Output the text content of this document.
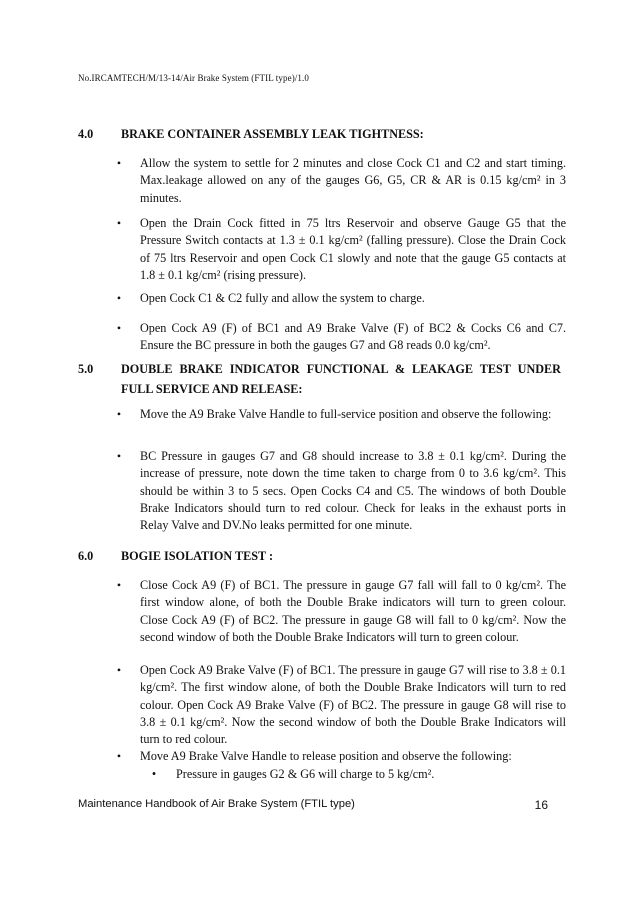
No.IRCAMTECH/M/13-14/Air Brake System (FTIL type)/1.0
4.0 BRAKE CONTAINER ASSEMBLY LEAK TIGHTNESS:
•	Allow the system to settle for 2 minutes and close Cock C1 and C2 and start timing. Max.leakage allowed on any of the gauges G6, G5, CR & AR is 0.15 kg/cm² in 3 minutes.
•	Open the Drain Cock fitted in 75 ltrs Reservoir and observe Gauge G5 that the Pressure Switch contacts at 1.3 ± 0.1 kg/cm² (falling pressure). Close the Drain Cock of 75 ltrs Reservoir and open Cock C1 slowly and note that the gauge G5 contacts at 1.8 ± 0.1 kg/cm² (rising pressure).
•	Open Cock C1 & C2 fully and allow the system to charge.
•	Open Cock A9 (F) of BC1 and A9 Brake Valve (F) of BC2 & Cocks C6 and C7. Ensure the BC pressure in both the gauges G7 and G8 reads 0.0 kg/cm².
5.0 DOUBLE BRAKE INDICATOR FUNCTIONAL & LEAKAGE TEST UNDER FULL SERVICE AND RELEASE:
•	Move the A9 Brake Valve Handle to full-service position and observe the following:
•	BC Pressure in gauges G7 and G8 should increase to 3.8 ± 0.1 kg/cm². During the increase of pressure, note down the time taken to charge from 0 to 3.6 kg/cm². This should be within 3 to 5 secs. Open Cocks C4 and C5. The windows of both Double Brake Indicators should turn to red colour. Check for leaks in the exhaust ports in Relay Valve and DV.No leaks permitted for one minute.
6.0 BOGIE ISOLATION TEST :
•	Close Cock A9 (F) of BC1. The pressure in gauge G7 fall will fall to 0 kg/cm². The first window alone, of both the Double Brake indicators will turn to green colour. Close Cock A9 (F) of BC2. The pressure in gauge G8 will fall to 0 kg/cm². Now the second window of both the Double Brake Indicators will turn to green colour.
•	Open Cock A9 Brake Valve (F) of BC1. The pressure in gauge G7 will rise to 3.8 ± 0.1 kg/cm². The first window alone, of both the Double Brake Indicators will turn to red colour. Open Cock A9 Brake Valve (F) of BC2. The pressure in gauge G8 will rise to 3.8 ± 0.1 kg/cm². Now the second window of both the Double Brake Indicators will turn to red colour.
•	Move A9 Brake Valve Handle to release position and observe the following:
•	Pressure in gauges G2 & G6 will charge to 5 kg/cm².
Maintenance Handbook of Air Brake System (FTIL type)	16
